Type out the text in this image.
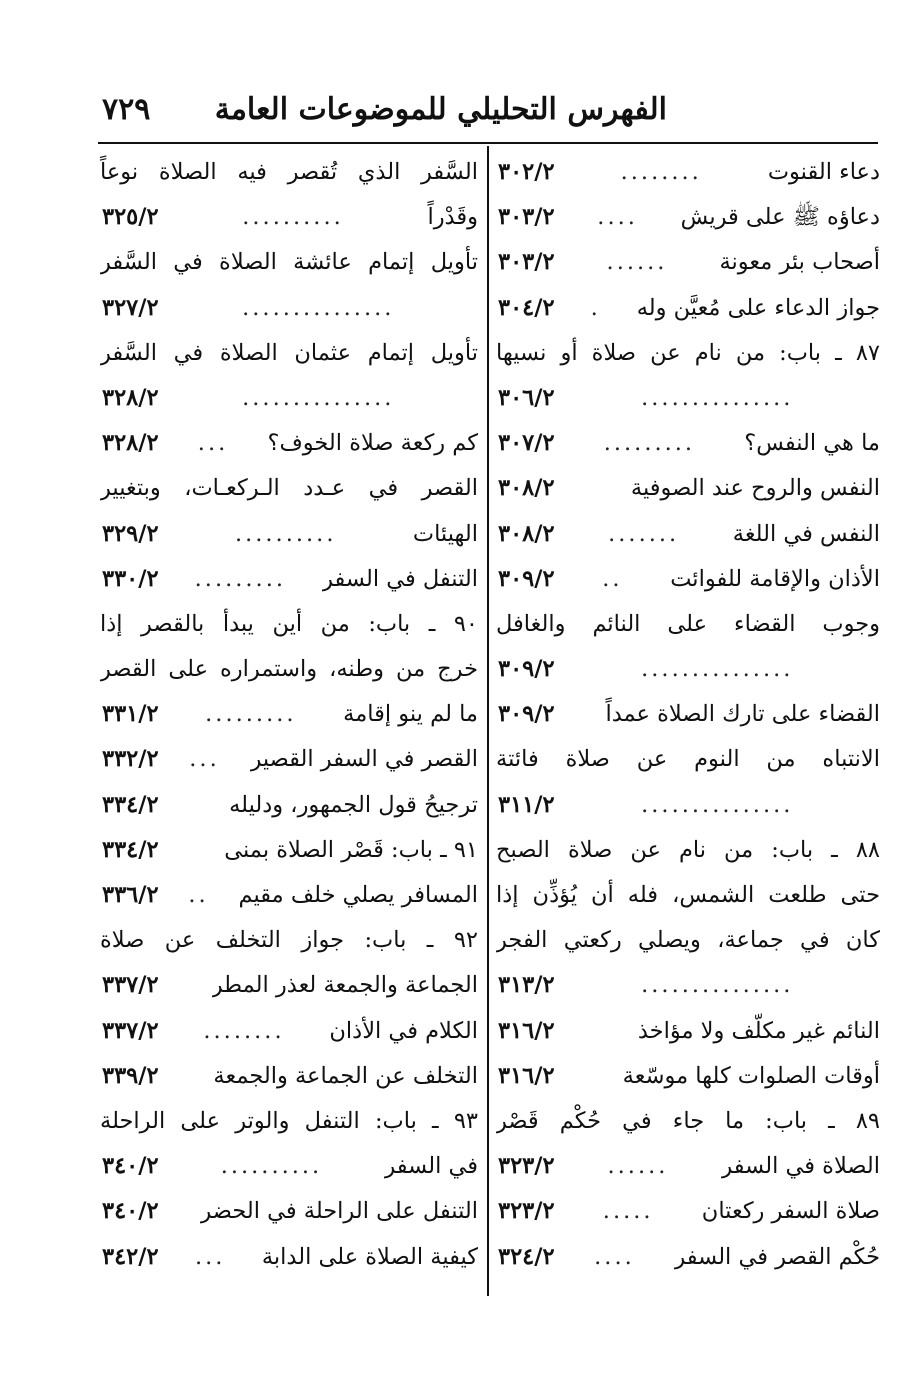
٧٢٩ الفهرس التحليلي للموضوعات العامة
دعاء القنوت
........
٣٠٢/٢
دعاؤه ﷺ على قريش
....
٣٠٣/٢
أصحاب بئر معونة
......
٣٠٣/٢
جواز الدعاء على مُعيَّن وله
.
٣٠٤/٢
٨٧ ـ باب: من نام عن صلاة أو نسيها
...............
٣٠٦/٢
ما هي النفس؟
.........
٣٠٧/٢
النفس والروح عند الصوفية
٣٠٨/٢
النفس في اللغة
.......
٣٠٨/٢
الأذان والإقامة للفوائت
..
٣٠٩/٢
وجوب القضاء على النائم والغافل
...............
٣٠٩/٢
القضاء على تارك الصلاة عمداً
٣٠٩/٢
الانتباه من النوم عن صلاة فائتة
...............
٣١١/٢
٨٨ ـ باب: من نام عن صلاة الصبح
حتى طلعت الشمس، فله أن يُؤذِّن إذا
كان في جماعة، ويصلي ركعتي الفجر
...............
٣١٣/٢
النائم غير مكلّف ولا مؤاخذ
٣١٦/٢
أوقات الصلوات كلها موسّعة
٣١٦/٢
٨٩ ـ باب: ما جاء في حُكْم قَصْر
الصلاة في السفر
......
٣٢٣/٢
صلاة السفر ركعتان
.....
٣٢٣/٢
حُكْم القصر في السفر
....
٣٢٤/٢
السَّفر الذي تُقصر فيه الصلاة نوعاً
وقَدْراً
..........
٣٢٥/٢
تأويل إتمام عائشة الصلاة في السَّفر
...............
٣٢٧/٢
تأويل إتمام عثمان الصلاة في السَّفر
...............
٣٢٨/٢
كم ركعة صلاة الخوف؟
...
٣٢٨/٢
القصر في عـدد الـركعـات، وبتغيير
الهيئات
..........
٣٢٩/٢
التنفل في السفر
.........
٣٣٠/٢
٩٠ ـ باب: من أين يبدأ بالقصر إذا
خرج من وطنه، واستمراره على القصر
ما لم ينو إقامة
.........
٣٣١/٢
القصر في السفر القصير
...
٣٣٢/٢
ترجيحُ قول الجمهور، ودليله
٣٣٤/٢
٩١ ـ باب: قَصْر الصلاة بمنى
٣٣٤/٢
المسافر يصلي خلف مقيم
..
٣٣٦/٢
٩٢ ـ باب: جواز التخلف عن صلاة
الجماعة والجمعة لعذر المطر
٣٣٧/٢
الكلام في الأذان
........
٣٣٧/٢
التخلف عن الجماعة والجمعة
٣٣٩/٢
٩٣ ـ باب: التنفل والوتر على الراحلة
في السفر
..........
٣٤٠/٢
التنفل على الراحلة في الحضر
٣٤٠/٢
كيفية الصلاة على الدابة
...
٣٤٢/٢
